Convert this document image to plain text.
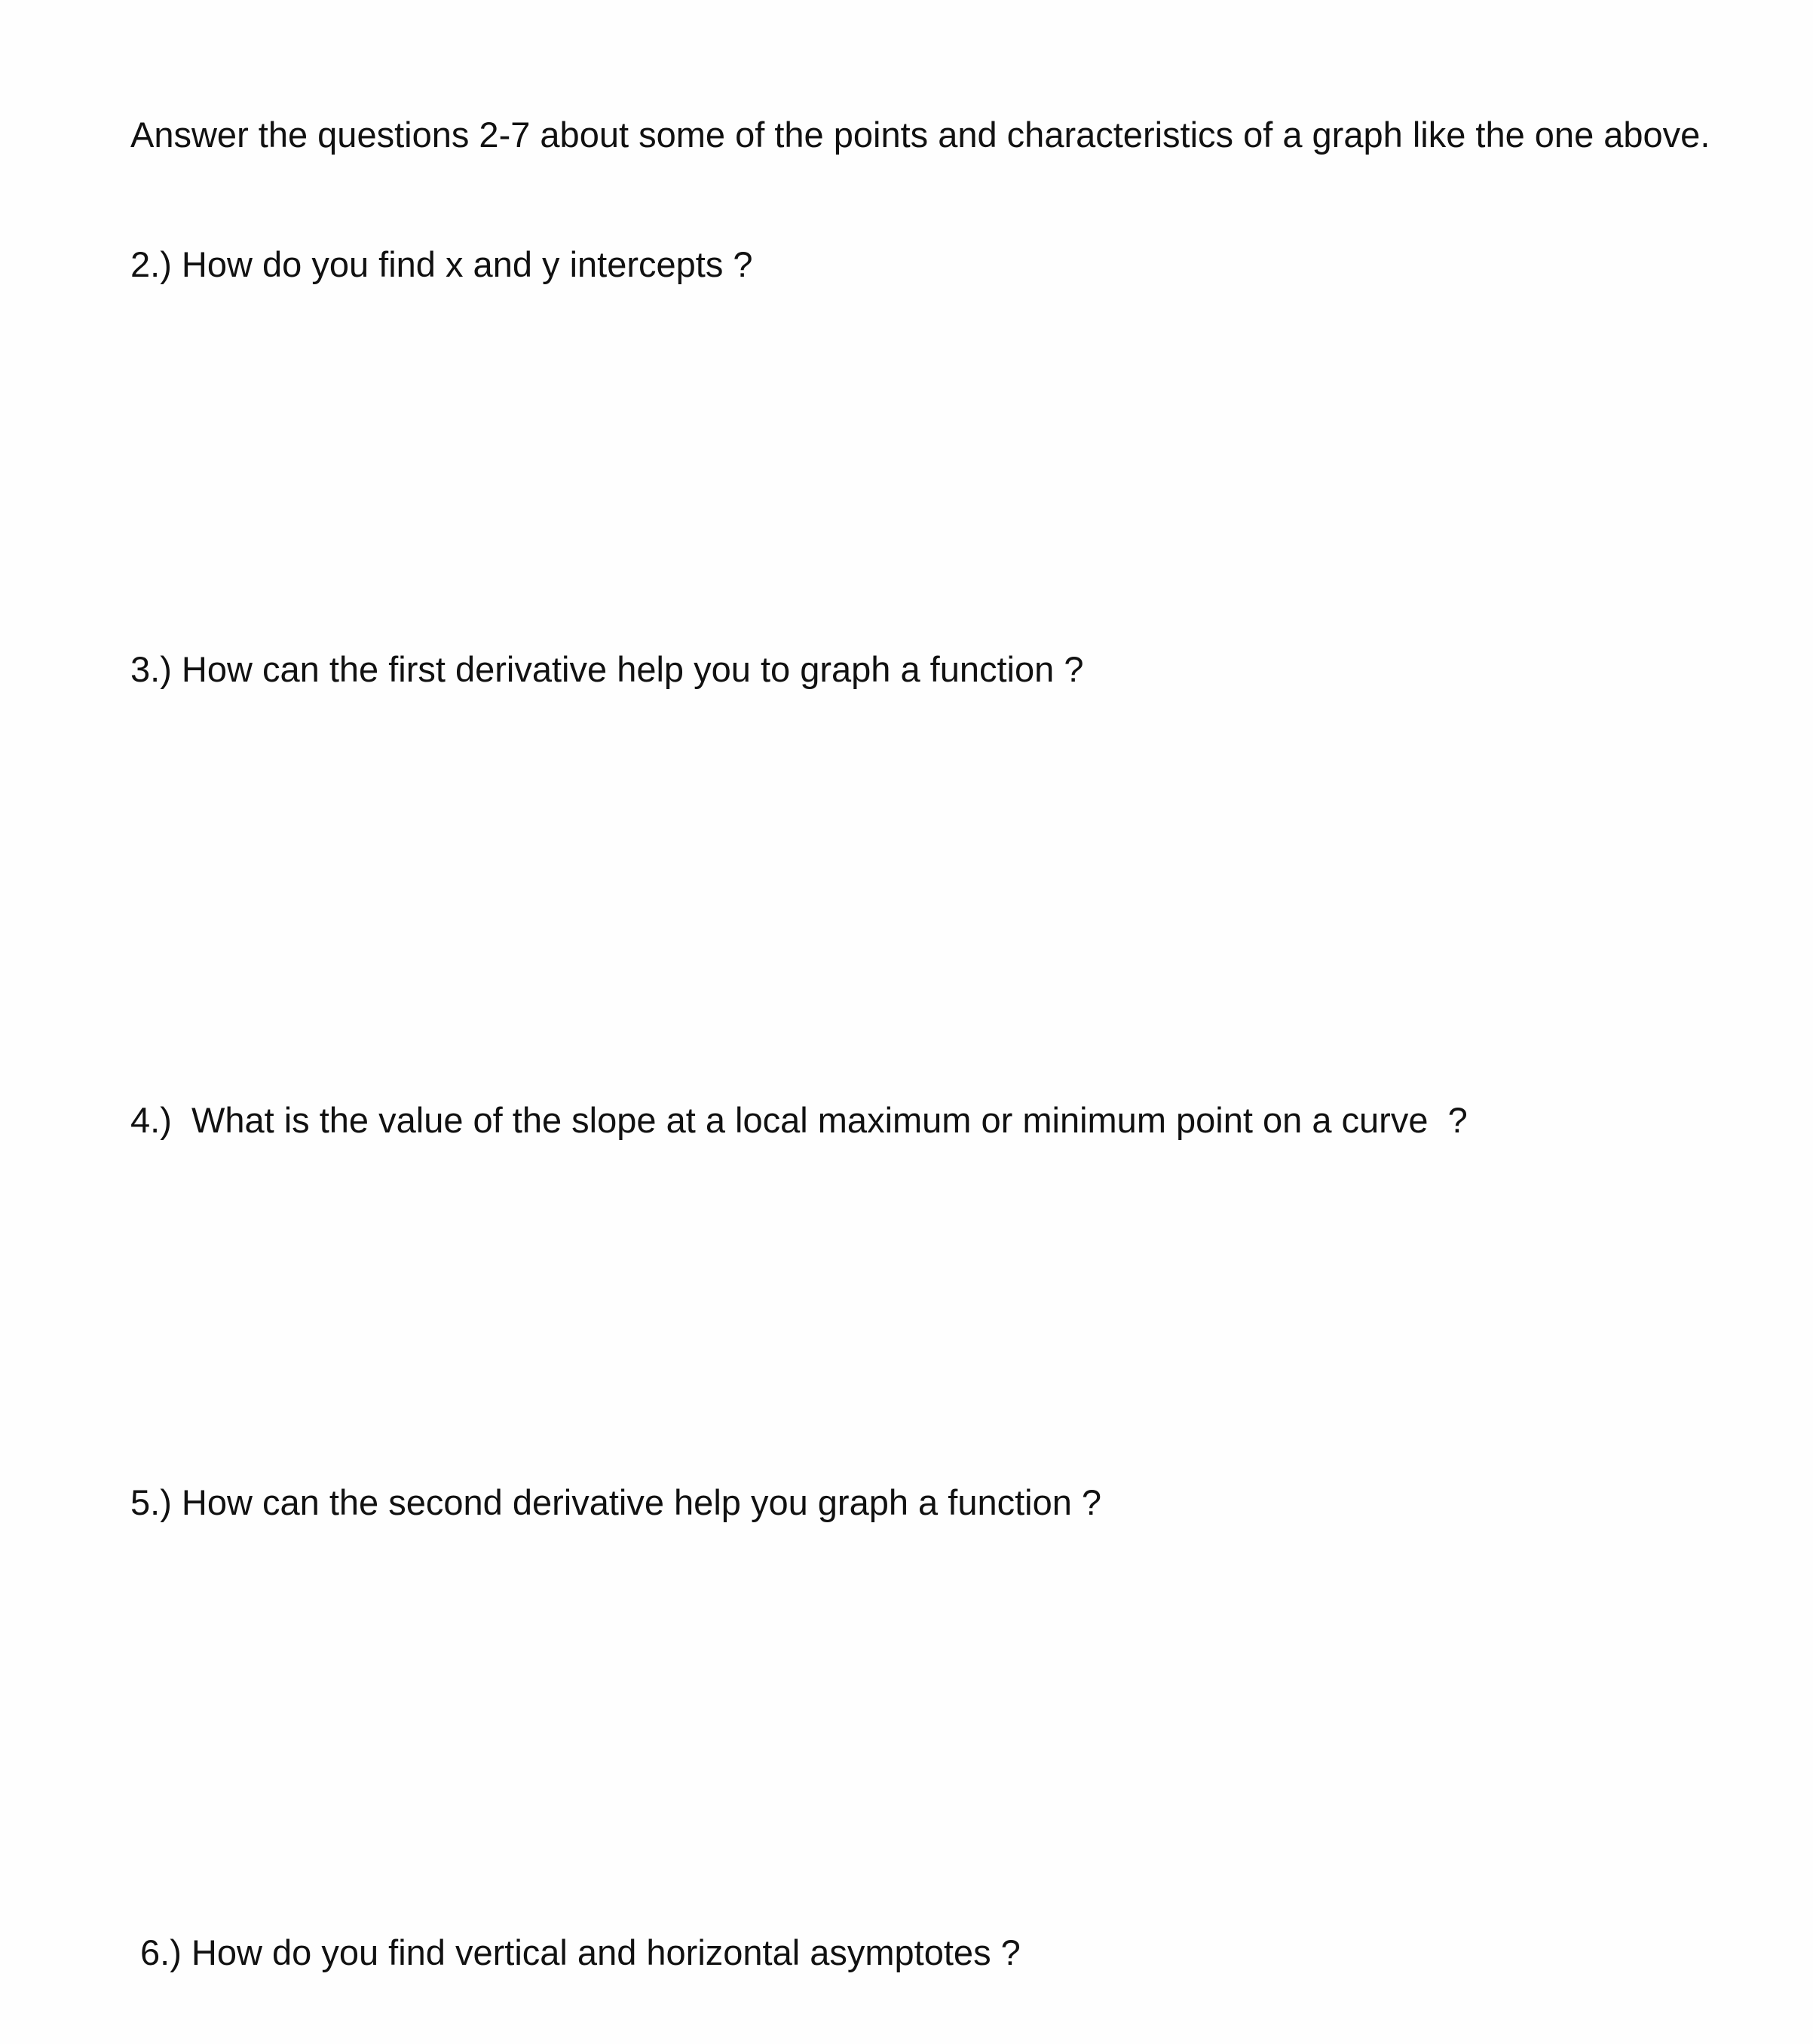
Answer the questions 2-7 about some of the points and characteristics of a graph like the one above.
2.) How do you find x and y intercepts ?
3.) How can the first derivative help you to graph a function ?
4.)  What is the value of the slope at a local maximum or minimum point on a curve  ?
5.) How can the second derivative help you graph a function ?
6.) How do you find vertical and horizontal asymptotes ?
